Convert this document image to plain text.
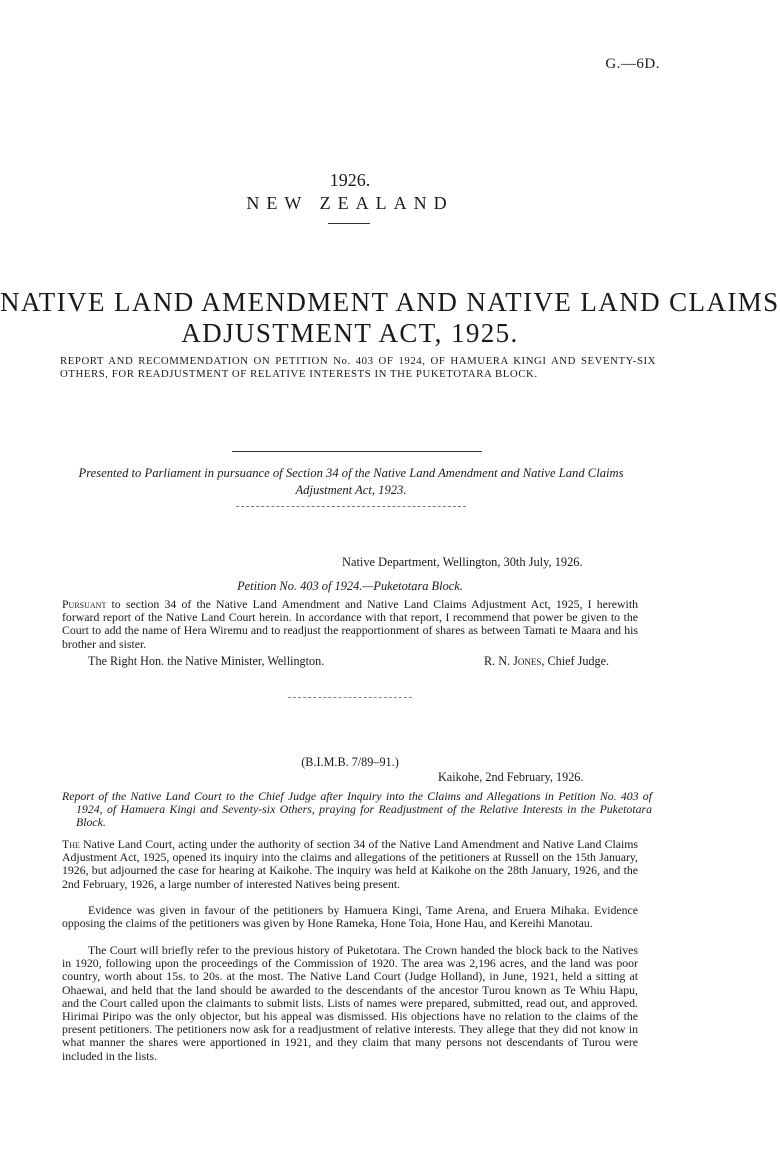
G.—6D.
1926.
NEW ZEALAND
NATIVE LAND AMENDMENT AND NATIVE LAND CLAIMS
ADJUSTMENT ACT, 1925.
REPORT AND RECOMMENDATION ON PETITION No. 403 OF 1924, OF HAMUERA KINGI AND SEVENTY-SIX OTHERS, FOR READJUSTMENT OF RELATIVE INTERESTS IN THE PUKETOTARA BLOCK.
Presented to Parliament in pursuance of Section 34 of the Native Land Amendment and Native Land Claims Adjustment Act, 1923.
Native Department, Wellington, 30th July, 1926.
Petition No. 403 of 1924.—Puketotara Block.
Pursuant to section 34 of the Native Land Amendment and Native Land Claims Adjustment Act, 1925, I herewith forward report of the Native Land Court herein. In accordance with that report, I recommend that power be given to the Court to add the name of Hera Wiremu and to readjust the reapportionment of shares as between Tamati te Maara and his brother and sister.
The Right Hon. the Native Minister, Wellington.	R. N. Jones, Chief Judge.
(B.I.M.B. 7/89–91.)
Kaikohe, 2nd February, 1926.
Report of the Native Land Court to the Chief Judge after Inquiry into the Claims and Allegations in Petition No. 403 of 1924, of Hamuera Kingi and Seventy-six Others, praying for Readjustment of the Relative Interests in the Puketotara Block.
The Native Land Court, acting under the authority of section 34 of the Native Land Amendment and Native Land Claims Adjustment Act, 1925, opened its inquiry into the claims and allegations of the petitioners at Russell on the 15th January, 1926, but adjourned the case for hearing at Kaikohe. The inquiry was held at Kaikohe on the 28th January, 1926, and the 2nd February, 1926, a large number of interested Natives being present.
Evidence was given in favour of the petitioners by Hamuera Kingi, Tame Arena, and Eruera Mihaka. Evidence opposing the claims of the petitioners was given by Hone Rameka, Hone Toia, Hone Hau, and Kereihi Manotau.
The Court will briefly refer to the previous history of Puketotara. The Crown handed the block back to the Natives in 1920, following upon the proceedings of the Commission of 1920. The area was 2,196 acres, and the land was poor country, worth about 15s. to 20s. at the most. The Native Land Court (Judge Holland), in June, 1921, held a sitting at Ohaewai, and held that the land should be awarded to the descendants of the ancestor Turou known as Te Whiu Hapu, and the Court called upon the claimants to submit lists. Lists of names were prepared, submitted, read out, and approved. Hirimai Piripo was the only objector, but his appeal was dismissed. His objections have no relation to the claims of the present petitioners. The petitioners now ask for a readjustment of relative interests. They allege that they did not know in what manner the shares were apportioned in 1921, and they claim that many persons not descendants of Turou were included in the lists.
